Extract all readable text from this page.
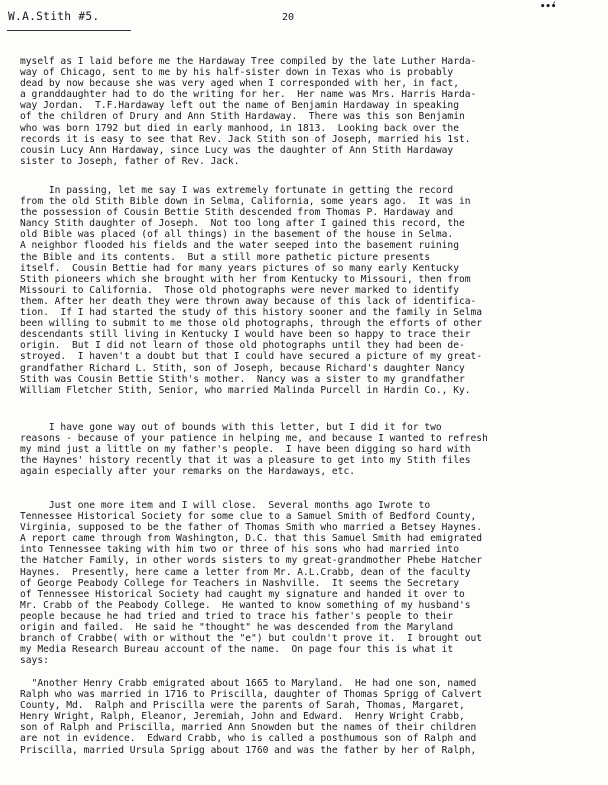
W.A.Stith #5.	20
••́•
myself as I laid before me the Hardaway Tree compiled by the late Luther Harda-
way of Chicago, sent to me by his half-sister down in Texas who is probably
dead by now because she was very aged when I corresponded with her, in fact,
a granddaughter had to do the writing for her.  Her name was Mrs. Harris Harda-
way Jordan.  T.F.Hardaway left out the name of Benjamin Hardaway in speaking
of the children of Drury and Ann Stith Hardaway.  There was this son Benjamin
who was born 1792 but died in early manhood, in 1813.  Looking back over the
records it is easy to see that Rev. Jack Stith son of Joseph, married his 1st.
cousin Lucy Ann Hardaway, since Lucy was the daughter of Ann Stith Hardaway
sister to Joseph, father of Rev. Jack.
In passing, let me say I was extremely fortunate in getting the record
from the old Stith Bible down in Selma, California, some years ago.  It was in
the possession of Cousin Bettie Stith descended from Thomas P. Hardaway and
Nancy Stith daughter of Joseph.  Not too long after I gained this record, the
old Bible was placed (of all things) in the basement of the house in Selma.
A neighbor flooded his fields and the water seeped into the basement ruining
the Bible and its contents.  But a still more pathetic picture presents
itself.  Cousin Bettie had for many years pictures of so many early Kentucky
Stith pioneers which she brought with her from Kentucky to Missouri, then from
Missouri to California.  Those old photographs were never marked to identify
them. After her death they were thrown away because of this lack of identifica-
tion.  If I had started the study of this history sooner and the family in Selma
been willing to submit to me those old photographs, through the efforts of other
descendants still living in Kentucky I would have been so happy to trace their
origin.  But I did not learn of those old photographs until they had been de-
stroyed.  I haven't a doubt but that I could have secured a picture of my great-
grandfather Richard L. Stith, son of Joseph, because Richard's daughter Nancy
Stith was Cousin Bettie Stith's mother.  Nancy was a sister to my grandfather
William Fletcher Stith, Senior, who married Malinda Purcell in Hardin Co., Ky.
I have gone way out of bounds with this letter, but I did it for two
reasons - because of your patience in helping me, and because I wanted to refresh
my mind just a little on my father's people.  I have been digging so hard with
the Haynes' history recently that it was a pleasure to get into my Stith files
again especially after your remarks on the Hardaways, etc.
Just one more item and I will close.  Several months ago Iwrote to
Tennessee Historical Society for some clue to a Samuel Smith of Bedford County,
Virginia, supposed to be the father of Thomas Smith who married a Betsey Haynes.
A report came through from Washington, D.C. that this Samuel Smith had emigrated
into Tennessee taking with him two or three of his sons who had married into
the Hatcher Family, in other words sisters to my great-grandmother Phebe Hatcher
Haynes.  Presently, here came a letter from Mr. A.L.Crabb, dean of the faculty
of George Peabody College for Teachers in Nashville.  It seems the Secretary
of Tennessee Historical Society had caught my signature and handed it over to
Mr. Crabb of the Peabody College.  He wanted to know something of my husband's
people because he had tried and tried to trace his father's people to their
origin and failed.  He said he "thought" he was descended from the Maryland
branch of Crabbe( with or without the "e") but couldn't prove it.  I brought out
my Media Research Bureau account of the name.  On page four this is what it
says:
"Another Henry Crabb emigrated about 1665 to Maryland.  He had one son, named
Ralph who was married in 1716 to Priscilla, daughter of Thomas Sprigg of Calvert
County, Md.  Ralph and Priscilla were the parents of Sarah, Thomas, Margaret,
Henry Wright, Ralph, Eleanor, Jeremiah, John and Edward.  Henry Wright Crabb,
son of Ralph and Priscilla, married Ann Snowden but the names of their children
are not in evidence.  Edward Crabb, who is called a posthumous son of Ralph and
Priscilla, married Ursula Sprigg about 1760 and was the father by her of Ralph,
